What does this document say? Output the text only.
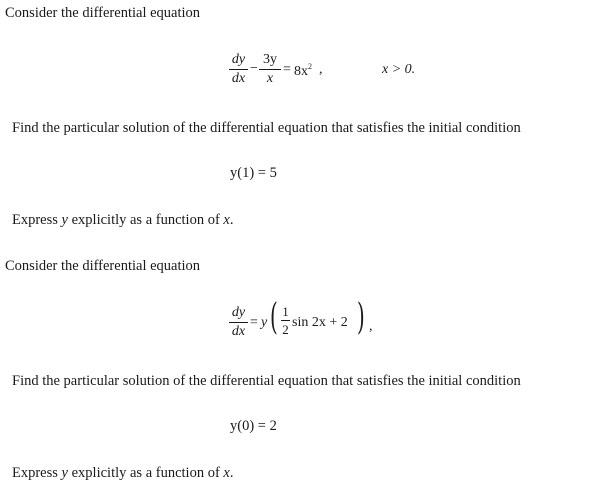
Consider the differential equation
dy
dx
−
3y
x
= $8x^2$ ,	x > 0.
Find the particular solution of the differential equation that satisfies the initial condition
y(1) = 5
Express y explicitly as a function of x.
Consider the differential equation
dy
dx
= y ( 1
2 sin 2x + 2 ) ,
Find the particular solution of the differential equation that satisfies the initial condition
y(0) = 2
Express y explicitly as a function of x.
